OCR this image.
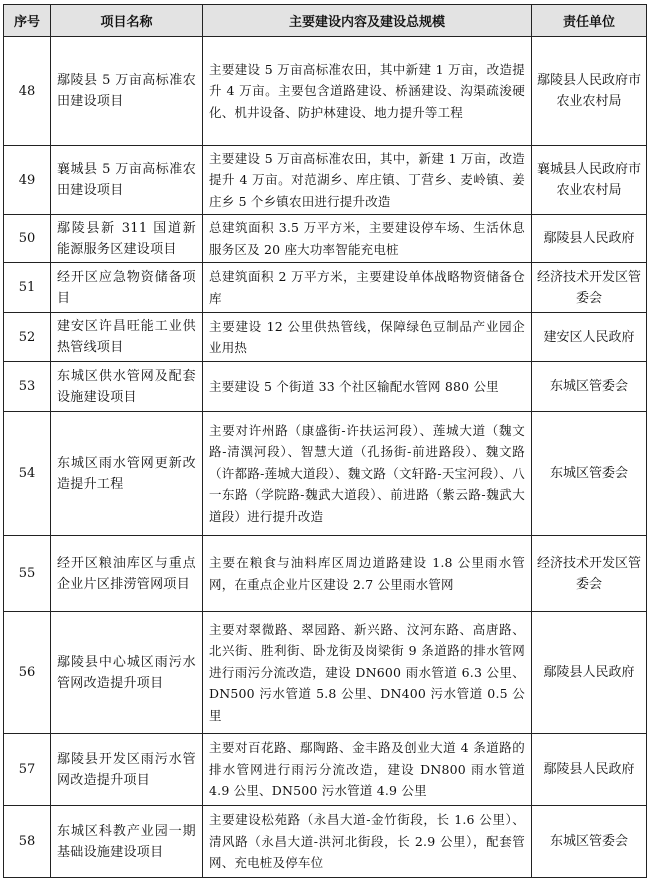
序号	项目名称	主要建设内容及建设总规模	责任单位
48	鄢陵县 5 万亩高标准农田建设项目	主要建设 5 万亩高标准农田，其中新建 1 万亩，改造提升 4 万亩。主要包含道路建设、桥涵建设、沟渠疏浚硬化、机井设备、防护林建设、地力提升等工程	鄢陵县人民政府市农业农村局
49	襄城县 5 万亩高标准农田建设项目	主要建设 5 万亩高标准农田，其中，新建 1 万亩，改造提升 4 万亩。对范湖乡、库庄镇、丁营乡、麦岭镇、姜庄乡 5 个乡镇农田进行提升改造	襄城县人民政府市农业农村局
50	鄢陵县新 311 国道新能源服务区建设项目	总建筑面积 3.5 万平方米，主要建设停车场、生活休息服务区及 20 座大功率智能充电桩	鄢陵县人民政府
51	经开区应急物资储备项目	总建筑面积 2 万平方米，主要建设单体战略物资储备仓库	经济技术开发区管委会
52	建安区许昌旺能工业供热管线项目	主要建设 12 公里供热管线，保障绿色豆制品产业园企业用热	建安区人民政府
53	东城区供水管网及配套设施建设项目	主要建设 5 个街道 33 个社区输配水管网 880 公里	东城区管委会
54	东城区雨水管网更新改造提升工程	主要对许州路（康盛街-许扶运河段）、莲城大道（魏文路-清潩河段）、智慧大道（孔扬街-前进路段）、魏文路（许都路-莲城大道段）、魏文路（文轩路-天宝河段）、八一东路（学院路-魏武大道段）、前进路（紫云路-魏武大道段）进行提升改造	东城区管委会
55	经开区粮油库区与重点企业片区排涝管网项目	主要在粮食与油料库区周边道路建设 1.8 公里雨水管网，在重点企业片区建设 2.7 公里雨水管网	经济技术开发区管委会
56	鄢陵县中心城区雨污水管网改造提升项目	主要对翠微路、翠园路、新兴路、汶河东路、高唐路、北兴街、胜利街、卧龙街及岗梁街 9 条道路的排水管网进行雨污分流改造，建设 DN600 雨水管道 6.3 公里、DN500 污水管道 5.8 公里、DN400 污水管道 0.5 公里	鄢陵县人民政府
57	鄢陵县开发区雨污水管网改造提升项目	主要对百花路、鄢陶路、金丰路及创业大道 4 条道路的排水管网进行雨污分流改造，建设 DN800 雨水管道 4.9 公里、DN500 污水管道 4.9 公里	鄢陵县人民政府
58	东城区科教产业园一期基础设施建设项目	主要建设松苑路（永昌大道-金竹街段，长 1.6 公里）、清风路（永昌大道-洪河北街段，长 2.9 公里），配套管网、充电桩及停车位	东城区管委会
